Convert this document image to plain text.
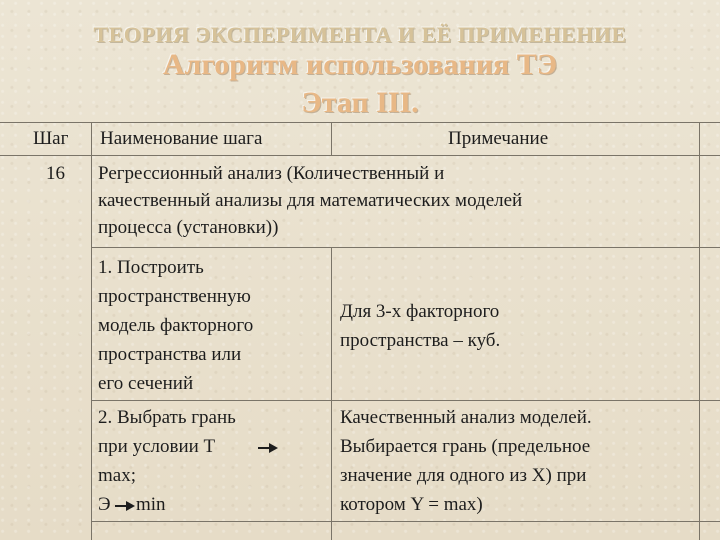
ТЕОРИЯ ЭКСПЕРИМЕНТА И ЕЁ ПРИМЕНЕНИЕ
Алгоритм использования ТЭ
Этап III.
Шаг Наименование шага	Примечание
16 Регрессионный анализ (Количественный и
качественный анализы для математических моделей
процесса (установки))
1. Построить
пространственную
модель факторного
пространства или
его сечений
Для 3-х факторного
пространства – куб.
2. Выбрать грань
при условии Т
max;
Э min
Качественный анализ моделей.
Выбирается грань (предельное
значение для одного из X) при
котором Y = max)
